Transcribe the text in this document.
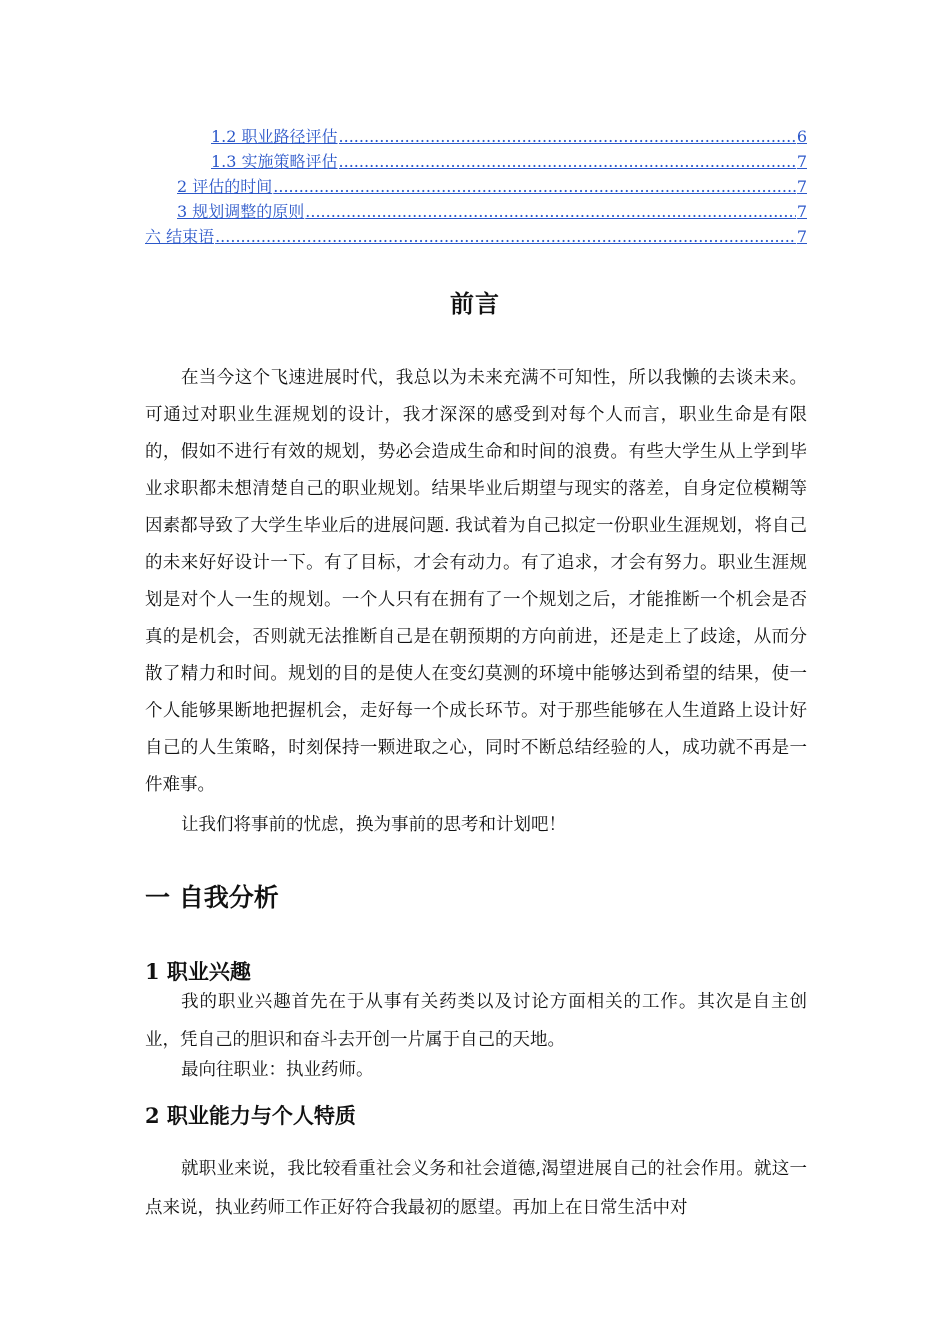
1.2 职业路径评估 .....	6
1.3 实施策略评估 .....	7
2 评估的时间 .....	7
3 规划调整的原则 .....	7
六 结束语 .....	7
前言

在当今这个飞速进展时代，我总以为未来充满不可知性，所以我懒的去谈未来。可通过对职业生涯规划的设计，我才深深的感受到对每个人而言，职业生命是有限的，假如不进行有效的规划，势必会造成生命和时间的浪费。有些大学生从上学到毕业求职都未想清楚自己的职业规划。结果毕业后期望与现实的落差，自身定位模糊等因素都导致了大学生毕业后的进展问题. 我试着为自己拟定一份职业生涯规划，将自己的未来好好设计一下。有了目标，才会有动力。有了追求，才会有努力。职业生涯规划是对个人一生的规划。一个人只有在拥有了一个规划之后，才能推断一个机会是否真的是机会，否则就无法推断自己是在朝预期的方向前进，还是走上了歧途，从而分散了精力和时间。规划的目的是使人在变幻莫测的环境中能够达到希望的结果，使一个人能够果断地把握机会，走好每一个成长环节。对于那些能够在人生道路上设计好自己的人生策略，时刻保持一颗进取之心，同时不断总结经验的人，成功就不再是一件难事。

让我们将事前的忧虑，换为事前的思考和计划吧！

一 自我分析
1 职业兴趣

我的职业兴趣首先在于从事有关药类以及讨论方面相关的工作。其次是自主创业，凭自己的胆识和奋斗去开创一片属于自己的天地。

最向往职业：执业药师。

2 职业能力与个人特质

就职业来说，我比较看重社会义务和社会道德,渴望进展自己的社会作用。就这一点来说，执业药师工作正好符合我最初的愿望。再加上在日常生活中对
